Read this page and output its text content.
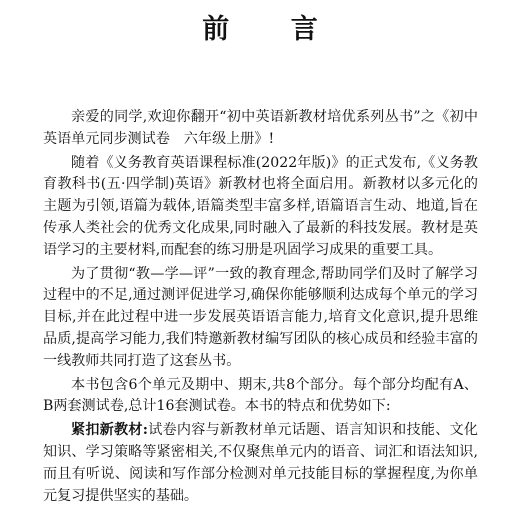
前 言

亲爱的同学,欢迎你翻开“初中英语新教材培优系列丛书”之《初中英语单元同步测试卷　六年级上册》!

随着《义务教育英语课程标准(2022年版)》的正式发布,《义务教育教科书(五·四学制)英语》新教材也将全面启用。新教材以多元化的主题为引领,语篇为载体,语篇类型丰富多样,语篇语言生动、地道,旨在传承人类社会的优秀文化成果,同时融入了最新的科技发展。教材是英语学习的主要材料,而配套的练习册是巩固学习成果的重要工具。

为了贯彻“教—学—评”一致的教育理念,帮助同学们及时了解学习过程中的不足,通过测评促进学习,确保你能够顺利达成每个单元的学习目标,并在此过程中进一步发展英语语言能力,培育文化意识,提升思维品质,提高学习能力,我们特邀新教材编写团队的核心成员和经验丰富的一线教师共同打造了这套丛书。

本书包含6个单元及期中、期末,共8个部分。每个部分均配有A、B两套测试卷,总计16套测试卷。本书的特点和优势如下:

紧扣新教材:试卷内容与新教材单元话题、语言知识和技能、文化知识、学习策略等紧密相关,不仅聚焦单元内的语音、词汇和语法知识,而且有听说、阅读和写作部分检测对单元技能目标的掌握程度,为你单元复习提供坚实的基础。
